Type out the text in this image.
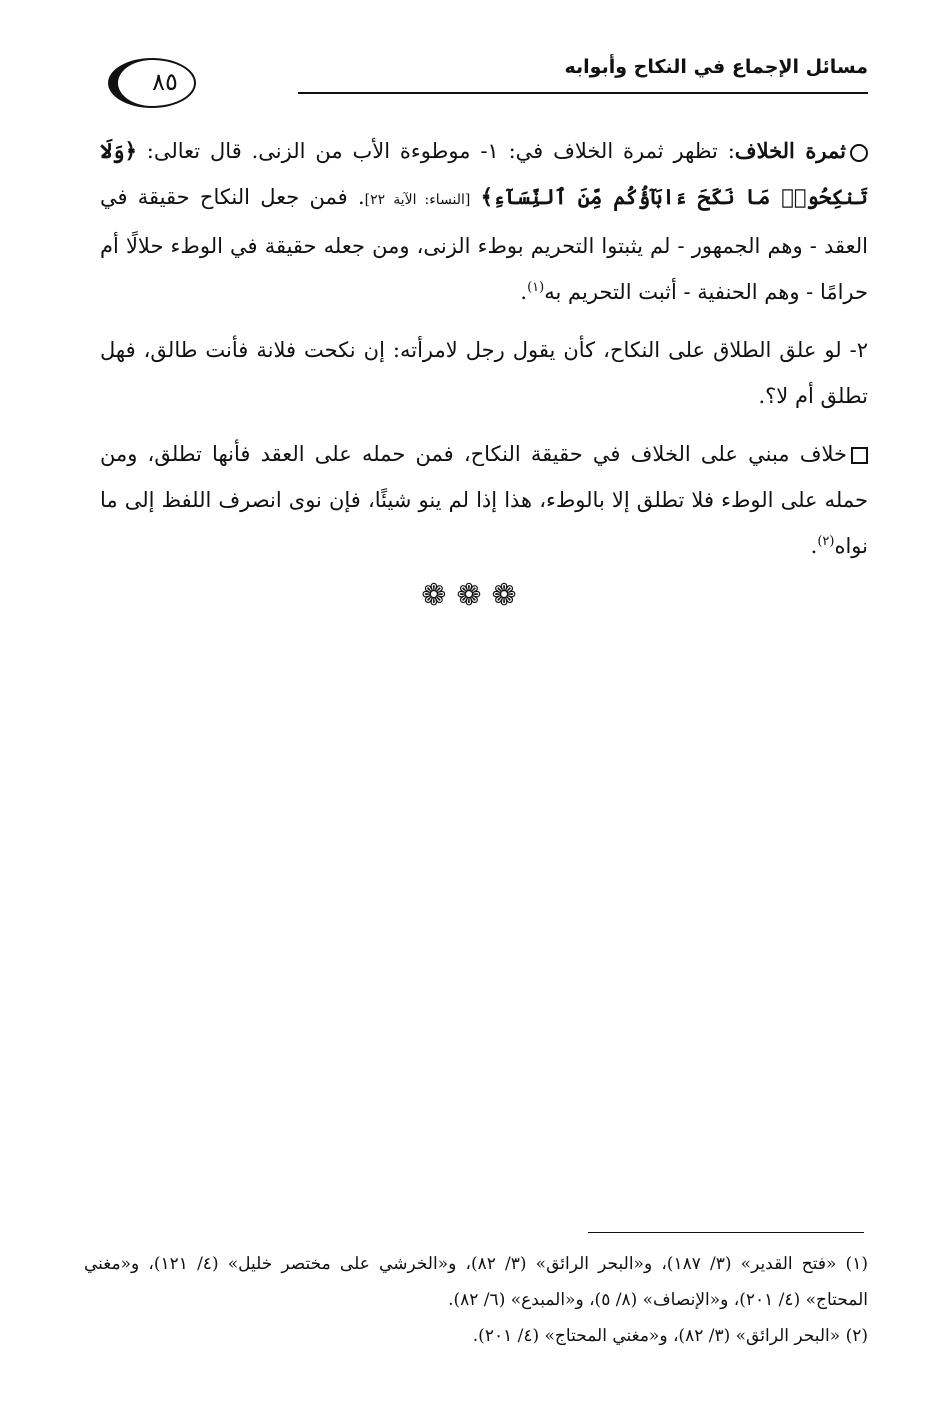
٨٥
مسائل الإجماع في النكاح وأبوابه

ثمرة الخلاف: تظهر ثمرة الخلاف في: ١- موطوءة الأب من الزنى. قال تعالى: ﴿وَلَا تَنكِحُوا۟ مَا نَكَحَ ءَابَآؤُكُم مِّنَ ٱلنِّسَآءِ﴾ [النساء: الآية ٢٢]. فمن جعل النكاح حقيقة في العقد - وهم الجمهور - لم يثبتوا التحريم بوطء الزنى، ومن جعله حقيقة في الوطء حلالًا أم حرامًا - وهم الحنفية - أثبت التحريم به$^{(١)}$.

٢- لو علق الطلاق على النكاح، كأن يقول رجل لامرأته: إن نكحت فلانة فأنت طالق، فهل تطلق أم لا؟.

خلاف مبني على الخلاف في حقيقة النكاح، فمن حمله على العقد فأنها تطلق، ومن حمله على الوطء فلا تطلق إلا بالوطء، هذا إذا لم ينو شيئًا، فإن نوى انصرف اللفظ إلى ما نواه$^{(٢)}$.

❁❁❁

(١) «فتح القدير» (٣/ ١٨٧)، و«البحر الرائق» (٣/ ٨٢)، و«الخرشي على مختصر خليل» (٤/ ١٢١)، و«مغني المحتاج» (٤/ ٢٠١)، و«الإنصاف» (٨/ ٥)، و«المبدع» (٦/ ٨٢).

(٢) «البحر الرائق» (٣/ ٨٢)، و«مغني المحتاج» (٤/ ٢٠١).
